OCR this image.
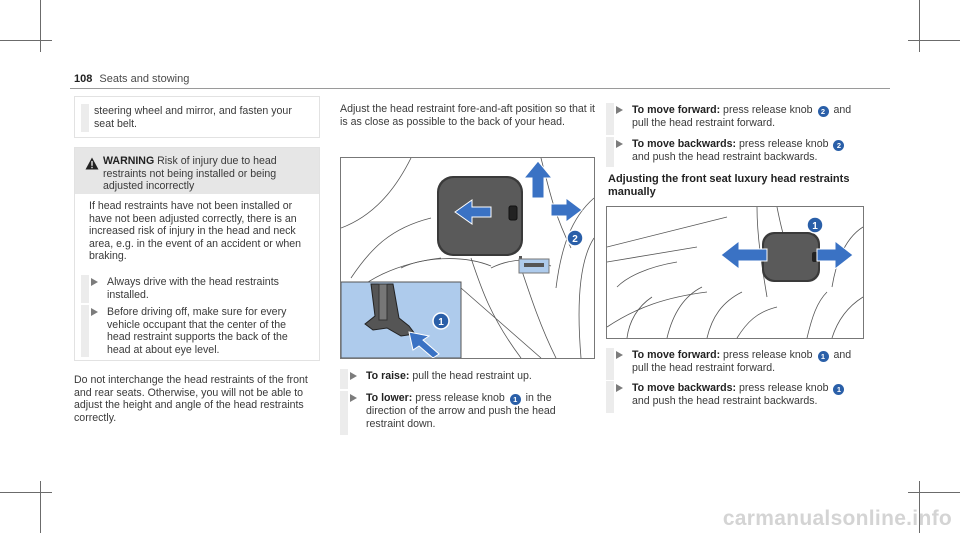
108 Seats and stowing

steering wheel and mirror, and fasten your seat belt.

WARNING Risk of injury due to head restraints not being installed or being adjusted incorrectly

If head restraints have not been installed or have not been adjusted correctly, there is an increased risk of injury in the head and neck area, e.g. in the event of an accident or when braking.

Always drive with the head restraints installed.

Before driving off, make sure for every vehicle occupant that the center of the head restraint supports the back of the head at about eye level.

Do not interchange the head restraints of the front and rear seats. Otherwise, you will not be able to adjust the height and angle of the head restraints correctly.

Adjust the head restraint fore-and-aft position so that it is as close as possible to the back of your head.

2
1

To raise: pull the head restraint up.

To lower: press release knob 1 in the direction of the arrow and push the head restraint down.

To move forward: press release knob 2 and pull the head restraint forward.

To move backwards: press release knob 2 and push the head restraint backwards.

Adjusting the front seat luxury head restraints manually
1

To move forward: press release knob 1 and pull the head restraint forward.

To move backwards: press release knob 1 and push the head restraint backwards.

carmanualsonline.info
